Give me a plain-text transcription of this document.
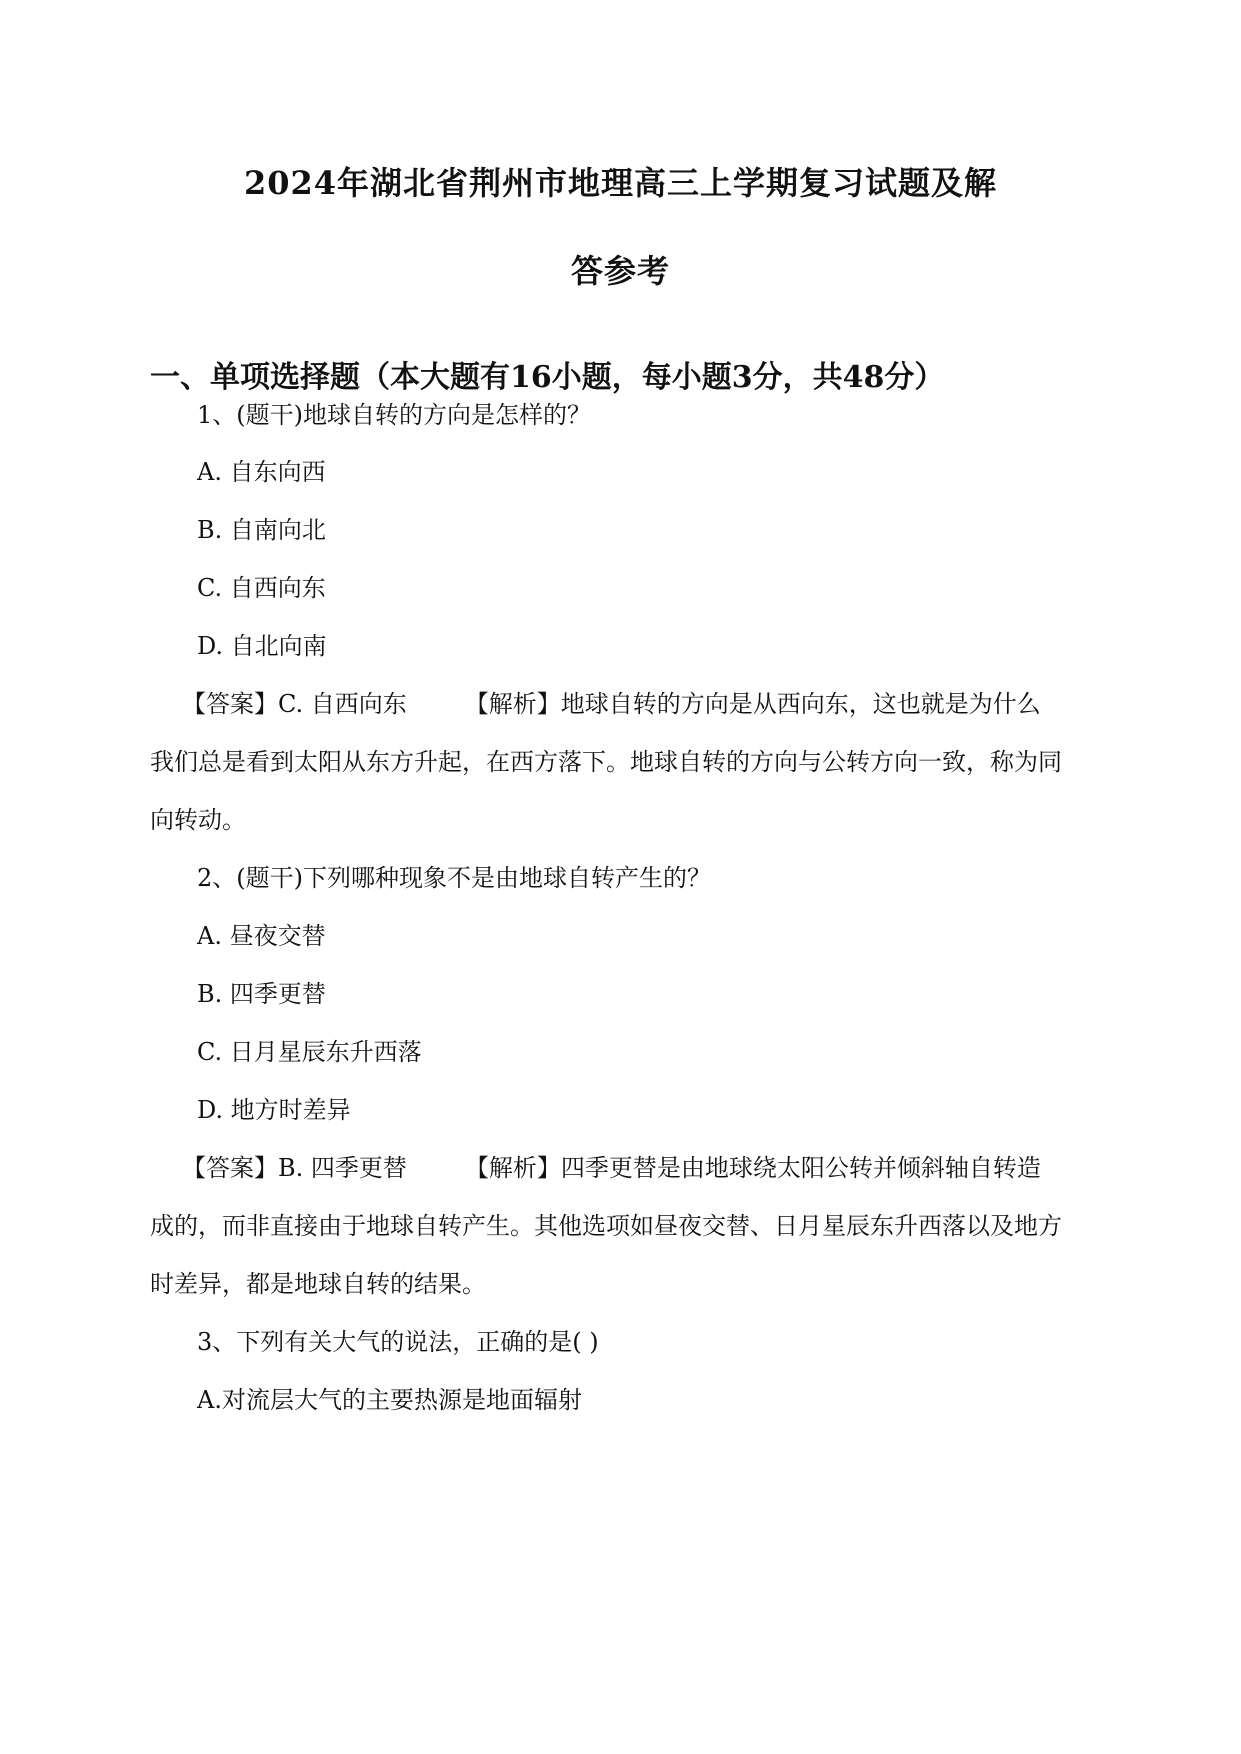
2024年湖北省荆州市地理高三上学期复习试题及解
答参考
一、单项选择题（本大题有16小题，每小题3分，共48分）
1、(题干)地球自转的方向是怎样的？
A. 自东向西
B. 自南向北
C. 自西向东
D. 自北向南
【答案】C. 自西向东 【解析】地球自转的方向是从西向东，这也就是为什么
我们总是看到太阳从东方升起，在西方落下。地球自转的方向与公转方向一致，称为同
向转动。
2、(题干)下列哪种现象不是由地球自转产生的？
A. 昼夜交替
B. 四季更替
C. 日月星辰东升西落
D. 地方时差异
【答案】B. 四季更替 【解析】四季更替是由地球绕太阳公转并倾斜轴自转造
成的，而非直接由于地球自转产生。其他选项如昼夜交替、日月星辰东升西落以及地方
时差异，都是地球自转的结果。
3、下列有关大气的说法，正确的是( )
A.对流层大气的主要热源是地面辐射
